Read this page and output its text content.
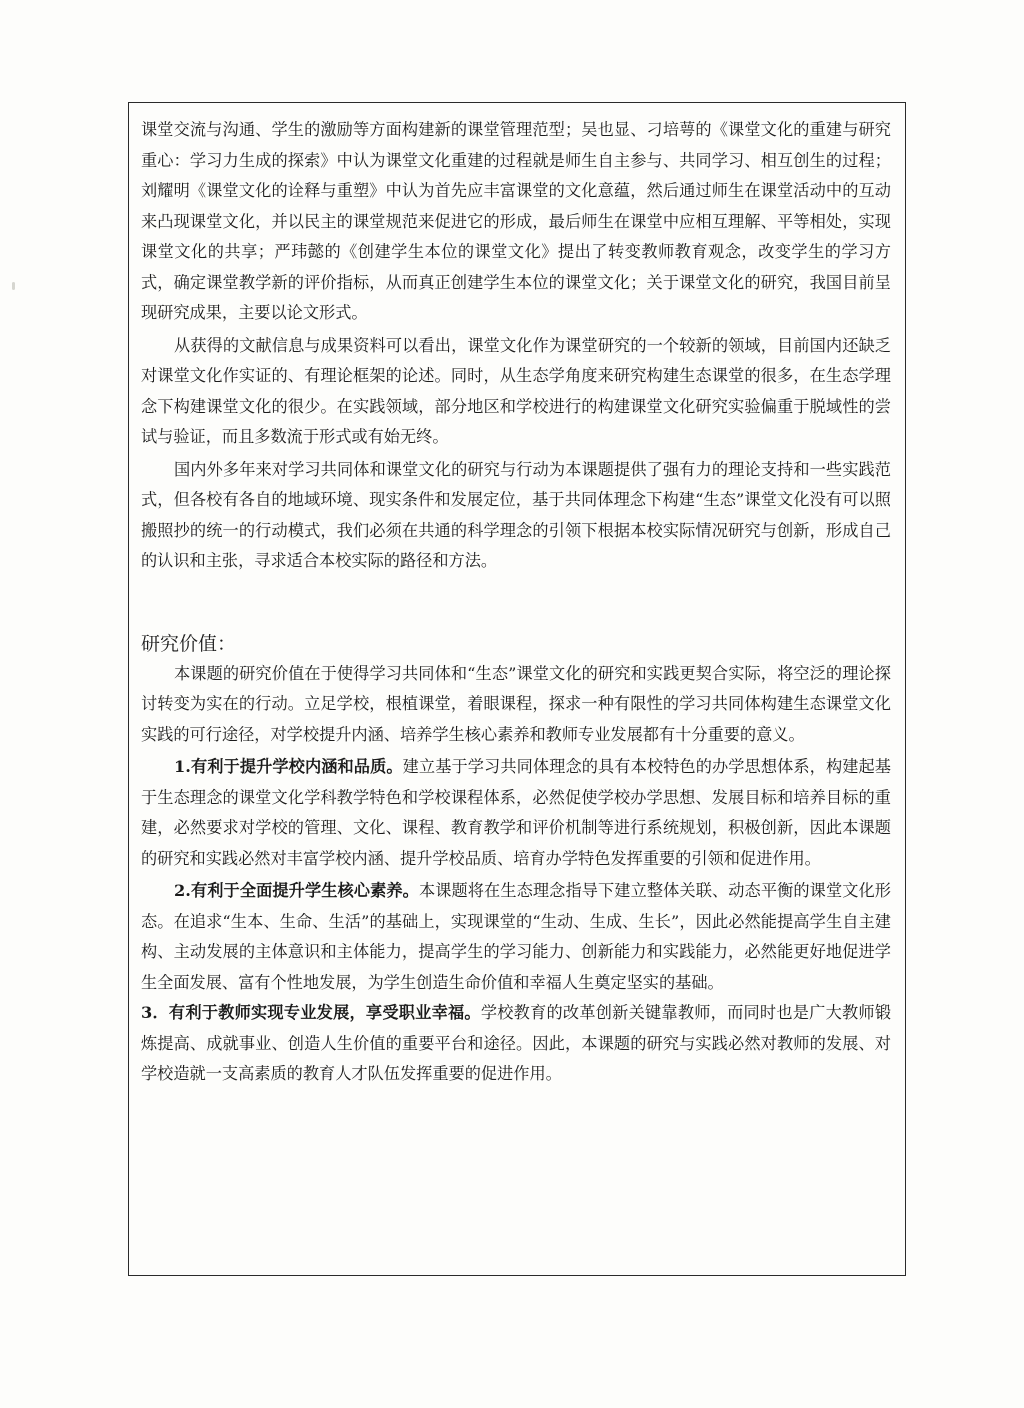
课堂交流与沟通、学生的激励等方面构建新的课堂管理范型；吴也显、刁培萼的《课堂文化的重建与研究重心：学习力生成的探索》中认为课堂文化重建的过程就是师生自主参与、共同学习、相互创生的过程；刘耀明《课堂文化的诠释与重塑》中认为首先应丰富课堂的文化意蕴，然后通过师生在课堂活动中的互动来凸现课堂文化，并以民主的课堂规范来促进它的形成，最后师生在课堂中应相互理解、平等相处，实现课堂文化的共享；严玮懿的《创建学生本位的课堂文化》提出了转变教师教育观念，改变学生的学习方式，确定课堂教学新的评价指标，从而真正创建学生本位的课堂文化；关于课堂文化的研究，我国目前呈现研究成果，主要以论文形式。

从获得的文献信息与成果资料可以看出，课堂文化作为课堂研究的一个较新的领域，目前国内还缺乏对课堂文化作实证的、有理论框架的论述。同时，从生态学角度来研究构建生态课堂的很多，在生态学理念下构建课堂文化的很少。在实践领域，部分地区和学校进行的构建课堂文化研究实验偏重于脱域性的尝试与验证，而且多数流于形式或有始无终。

国内外多年来对学习共同体和课堂文化的研究与行动为本课题提供了强有力的理论支持和一些实践范式，但各校有各自的地域环境、现实条件和发展定位，基于共同体理念下构建“生态”课堂文化没有可以照搬照抄的统一的行动模式，我们必须在共通的科学理念的引领下根据本校实际情况研究与创新，形成自己的认识和主张，寻求适合本校实际的路径和方法。

研究价值：

本课题的研究价值在于使得学习共同体和“生态”课堂文化的研究和实践更契合实际，将空泛的理论探讨转变为实在的行动。立足学校，根植课堂，着眼课程，探求一种有限性的学习共同体构建生态课堂文化实践的可行途径，对学校提升内涵、培养学生核心素养和教师专业发展都有十分重要的意义。

1.有利于提升学校内涵和品质。建立基于学习共同体理念的具有本校特色的办学思想体系，构建起基于生态理念的课堂文化学科教学特色和学校课程体系，必然促使学校办学思想、发展目标和培养目标的重建，必然要求对学校的管理、文化、课程、教育教学和评价机制等进行系统规划，积极创新，因此本课题的研究和实践必然对丰富学校内涵、提升学校品质、培育办学特色发挥重要的引领和促进作用。

2.有利于全面提升学生核心素养。本课题将在生态理念指导下建立整体关联、动态平衡的课堂文化形态。在追求“生本、生命、生活”的基础上，实现课堂的“生动、生成、生长”，因此必然能提高学生自主建构、主动发展的主体意识和主体能力，提高学生的学习能力、创新能力和实践能力，必然能更好地促进学生全面发展、富有个性地发展，为学生创造生命价值和幸福人生奠定坚实的基础。

3．有利于教师实现专业发展，享受职业幸福。学校教育的改革创新关键靠教师，而同时也是广大教师锻炼提高、成就事业、创造人生价值的重要平台和途径。因此，本课题的研究与实践必然对教师的发展、对学校造就一支高素质的教育人才队伍发挥重要的促进作用。
